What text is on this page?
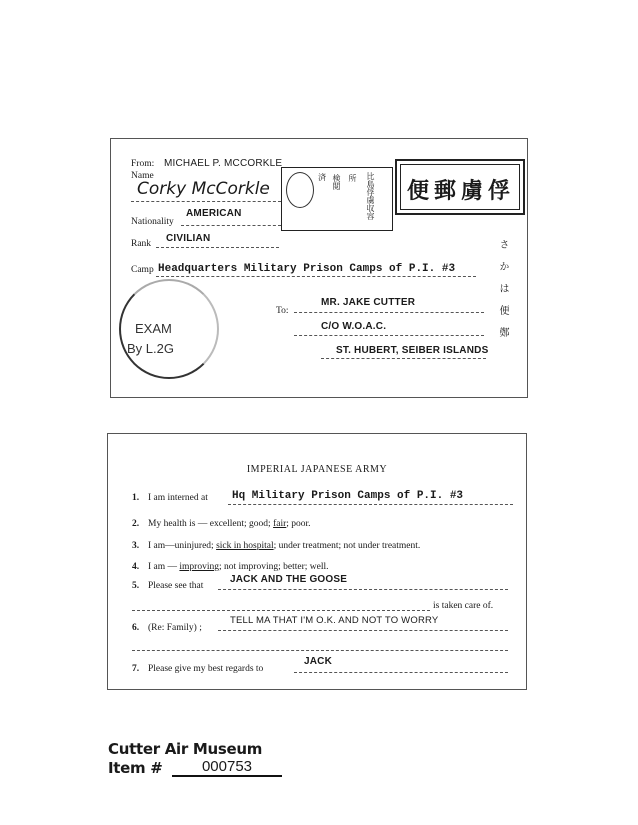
From: MICHAEL P. MCCORKLE
Name
Corky McCorkle
Nationality
AMERICAN
Rank CIVILIAN
Camp Headquarters Military Prison Camps of P.I. #3
済 検閲 所 比島俘虜収容 俘虜郵便
さかは便鄭
EXAM
By L.2G
To:
MR. JAKE CUTTER
C/O W.O.A.C.
ST. HUBERT, SEIBER ISLANDS
IMPERIAL JAPANESE ARMY
1. I am interned at Hq Military Prison Camps of P.I. #3
2. My health is — excellent; good; fair; poor.
3. I am—uninjured; sick in hospital; under treatment; not under treatment.
4. I am — improving; not improving; better; well.
5. Please see that
JACK AND THE GOOSE
is taken care of.
6. (Re: Family) ;
TELL MA THAT I'M O.K. AND NOT TO WORRY
7. Please give my best regards to
JACK
Cutter Air Museum
Item #	000753
